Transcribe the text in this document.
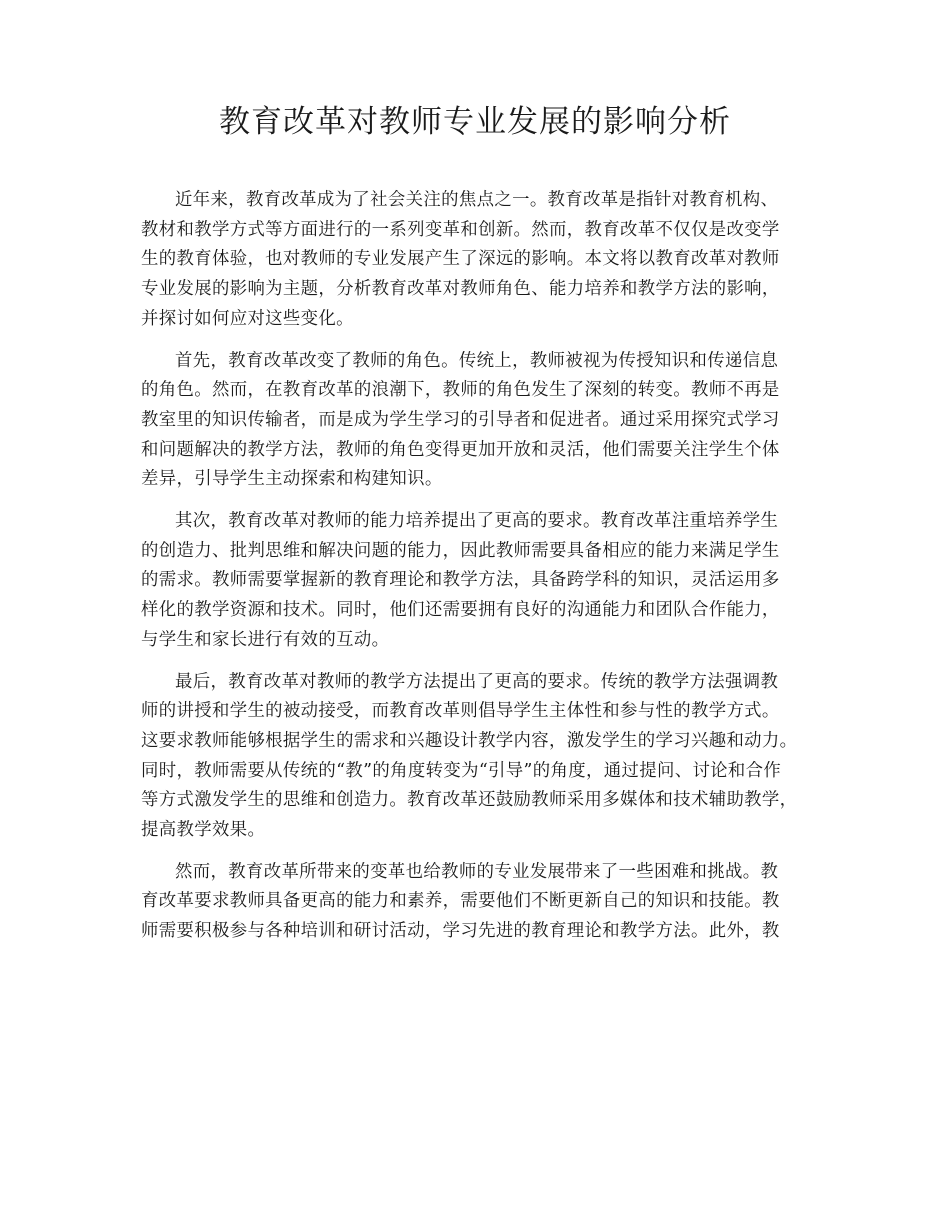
教育改革对教师专业发展的影响分析

近年来，教育改革成为了社会关注的焦点之一。教育改革是指针对教育机构、
教材和教学方式等方面进行的一系列变革和创新。然而，教育改革不仅仅是改变学
生的教育体验，也对教师的专业发展产生了深远的影响。本文将以教育改革对教师
专业发展的影响为主题，分析教育改革对教师角色、能力培养和教学方法的影响，
并探讨如何应对这些变化。

首先，教育改革改变了教师的角色。传统上，教师被视为传授知识和传递信息
的角色。然而，在教育改革的浪潮下，教师的角色发生了深刻的转变。教师不再是
教室里的知识传输者，而是成为学生学习的引导者和促进者。通过采用探究式学习
和问题解决的教学方法，教师的角色变得更加开放和灵活，他们需要关注学生个体
差异，引导学生主动探索和构建知识。

其次，教育改革对教师的能力培养提出了更高的要求。教育改革注重培养学生
的创造力、批判思维和解决问题的能力，因此教师需要具备相应的能力来满足学生
的需求。教师需要掌握新的教育理论和教学方法，具备跨学科的知识，灵活运用多
样化的教学资源和技术。同时，他们还需要拥有良好的沟通能力和团队合作能力，
与学生和家长进行有效的互动。

最后，教育改革对教师的教学方法提出了更高的要求。传统的教学方法强调教
师的讲授和学生的被动接受，而教育改革则倡导学生主体性和参与性的教学方式。
这要求教师能够根据学生的需求和兴趣设计教学内容，激发学生的学习兴趣和动力。
同时，教师需要从传统的“教”的角度转变为“引导”的角度，通过提问、讨论和合作
等方式激发学生的思维和创造力。教育改革还鼓励教师采用多媒体和技术辅助教学，
提高教学效果。

然而，教育改革所带来的变革也给教师的专业发展带来了一些困难和挑战。教
育改革要求教师具备更高的能力和素养，需要他们不断更新自己的知识和技能。教
师需要积极参与各种培训和研讨活动，学习先进的教育理论和教学方法。此外，教
